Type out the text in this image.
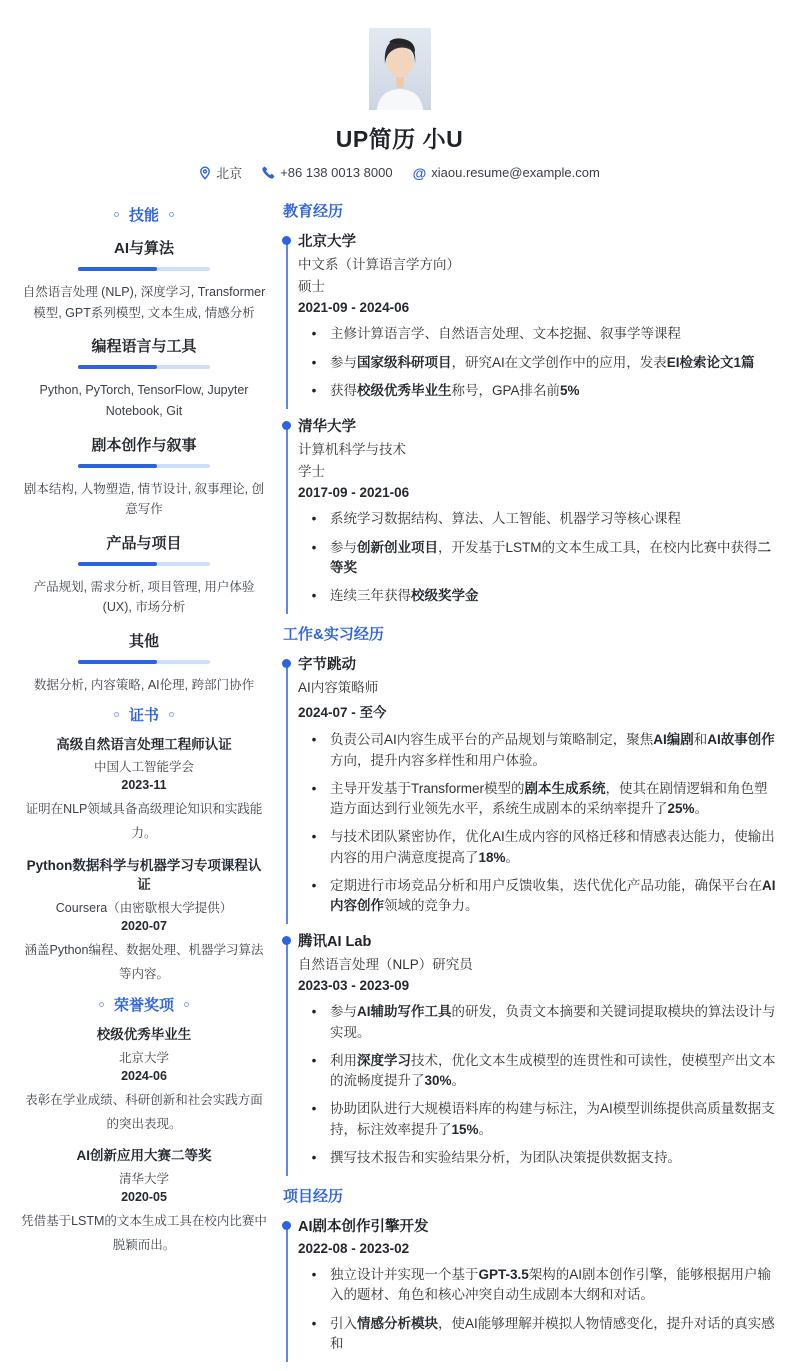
UP简历 小U
北京	+86 138 0013 8000 @ xiaou.resume@example.com
技能
AI与算法

自然语言处理 (NLP), 深度学习, Transformer模型, GPT系列模型, 文本生成, 情感分析

编程语言与工具

Python, PyTorch, TensorFlow, Jupyter Notebook, Git

剧本创作与叙事

剧本结构, 人物塑造, 情节设计, 叙事理论, 创意写作

产品与项目

产品规划, 需求分析, 项目管理, 用户体验 (UX), 市场分析

其他

数据分析, 内容策略, AI伦理, 跨部门协作

证书
高级自然语言处理工程师认证
中国人工智能学会
2023-11
证明在NLP领域具备高级理论知识和实践能力。
Python数据科学与机器学习专项课程认证
Coursera（由密歇根大学提供）
2020-07
涵盖Python编程、数据处理、机器学习算法等内容。
荣誉奖项
校级优秀毕业生
北京大学
2024-06
表彰在学业成绩、科研创新和社会实践方面的突出表现。
AI创新应用大赛二等奖
清华大学
2020-05
凭借基于LSTM的文本生成工具在校内比赛中脱颖而出。
教育经历
北京大学
中文系（计算语言学方向）
硕士
2021-09 - 2024-06
•	主修计算语言学、自然语言处理、文本挖掘、叙事学等课程

•	参与国家级科研项目，研究AI在文学创作中的应用，发表EI检索论文1篇

•	获得校级优秀毕业生称号，GPA排名前5%

清华大学
计算机科学与技术
学士
2017-09 - 2021-06
•	系统学习数据结构、算法、人工智能、机器学习等核心课程

•	参与创新创业项目，开发基于LSTM的文本生成工具，在校内比赛中获得二等奖

•	连续三年获得校级奖学金

工作&实习经历
字节跳动
AI内容策略师
2024-07 - 至今
•	负责公司AI内容生成平台的产品规划与策略制定，聚焦AI编剧和AI故事创作方向，提升内容多样性和用户体验。

•	主导开发基于Transformer模型的剧本生成系统，使其在剧情逻辑和角色塑造方面达到行业领先水平，系统生成剧本的采纳率提升了25%。

•	与技术团队紧密协作，优化AI生成内容的风格迁移和情感表达能力，使输出内容的用户满意度提高了18%。

•	定期进行市场竞品分析和用户反馈收集，迭代优化产品功能，确保平台在AI内容创作领域的竞争力。

腾讯AI Lab
自然语言处理（NLP）研究员
2023-03 - 2023-09
•	参与AI辅助写作工具的研发，负责文本摘要和关键词提取模块的算法设计与实现。

•	利用深度学习技术，优化文本生成模型的连贯性和可读性，使模型产出文本的流畅度提升了30%。

•	协助团队进行大规模语料库的构建与标注，为AI模型训练提供高质量数据支持，标注效率提升了15%。

•	撰写技术报告和实验结果分析，为团队决策提供数据支持。

项目经历
AI剧本创作引擎开发
2022-08 - 2023-02
•	独立设计并实现一个基于GPT-3.5架构的AI剧本创作引擎，能够根据用户输入的题材、角色和核心冲突自动生成剧本大纲和对话。

•	引入情感分析模块，使AI能够理解并模拟人物情感变化，提升对话的真实感和
